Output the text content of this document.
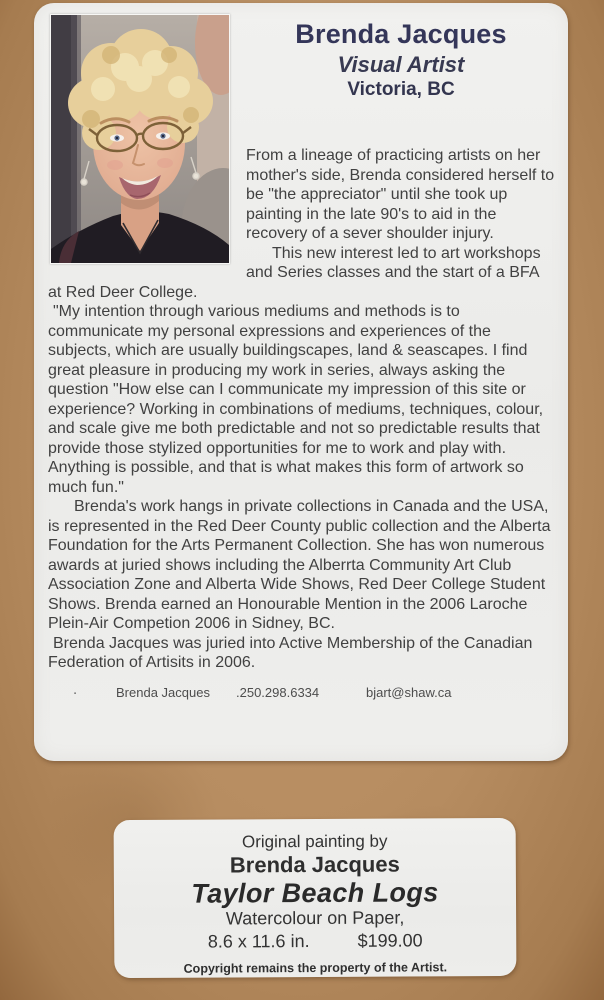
Brenda Jacques
Visual Artist
Victoria, BC

From a lineage of practicing artists on her mother's side, Brenda considered herself to be "the appreciator" until she took up painting in the late 90's to aid in the recovery of a sever shoulder injury.

This new interest led to art workshops and Series classes and the start of a BFA at Red Deer College.

"My intention through various mediums and methods is to communicate my personal expressions and experiences of the subjects, which are usually buildingscapes, land & seascapes. I find great pleasure in producing my work in series, always asking the question "How else can I communicate my impression of this site or experience? Working in combinations of mediums, techniques, colour, and scale give me both predictable and not so predictable results that provide those stylized opportunities for me to work and play with. Anything is possible, and that is what makes this form of artwork so much fun."

Brenda's work hangs in private collections in Canada and the USA, is represented in the Red Deer County public collection and the Alberta Foundation for the Arts Permanent Collection. She has won numerous awards at juried shows including the Alberrta Community Art Club Association Zone and Alberta Wide Shows, Red Deer College Student Shows. Brenda earned an Honourable Mention in the 2006 Laroche Plein-Air Competion 2006 in Sidney, BC.

Brenda Jacques was juried into Active Membership of the Canadian Federation of Artisits in 2006.

.	Brenda Jacques .250.298.6334	bjart@shaw.ca
Original painting by
Brenda Jacques
Taylor Beach Logs
Watercolour on Paper,
8.6 x 11.6 in.	$199.00
Copyright remains the property of the Artist.
